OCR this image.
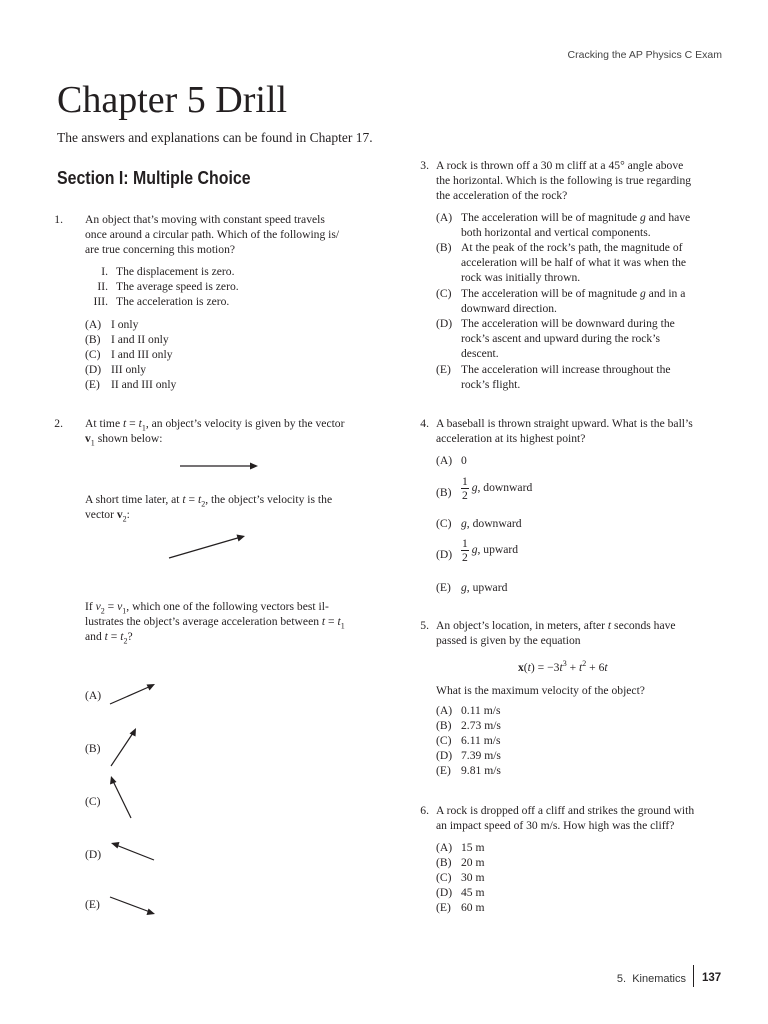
Cracking the AP Physics C Exam
Chapter 5 Drill
The answers and explanations can be found in Chapter 17.
Section I: Multiple Choice
1. An object that’s moving with constant speed travels
once around a circular path. Which of the following is/
are true concerning this motion?
I. The displacement is zero.
II. The average speed is zero.
III. The acceleration is zero.
(A) I only
(B) I and II only
(C) I and III only
(D) III only
(E) II and III only
2. At time $t = t_1$, an object’s velocity is given by the vector
$v_1$ shown below:
A short time later, at $t = t_2$, the object’s velocity is the
vector $v_2$:
If $v_2 = v_1$, which one of the following vectors best il-
lustrates the object’s average acceleration between $t = t_1$
and $t = t_2$?
(A)
(B)
(C)
(D)
(E)
3. A rock is thrown off a 30 m cliff at a 45° angle above
the horizontal. Which is the following is true regarding
the acceleration of the rock?
(A) The acceleration will be of magnitude g and have
both horizontal and vertical components.
(B) At the peak of the rock’s path, the magnitude of
acceleration will be half of what it was when the
rock was initially thrown.
(C) The acceleration will be of magnitude g and in a
downward direction.
(D) The acceleration will be downward during the
rock’s ascent and upward during the rock’s
descent.
(E) The acceleration will increase throughout the
rock’s flight.
4. A baseball is thrown straight upward. What is the ball’s
acceleration at its highest point?
(A) 0
$(B) \frac{1}{2} g$, downward
(C) g, downward
$(D) \frac{1}{2} g$, upward
(E) g, upward
5. An object’s location, in meters, after t seconds have
passed is given by the equation
$x(t) = -3t^3 + t^2 + 6t$
What is the maximum velocity of the object?
(A) 0.11 m/s
(B) 2.73 m/s
(C) 6.11 m/s
(D) 7.39 m/s
(E) 9.81 m/s
6. A rock is dropped off a cliff and strikes the ground with
an impact speed of 30 m/s. How high was the cliff?
(A) 15 m
(B) 20 m
(C) 30 m
(D) 45 m
(E) 60 m
5.  Kinematics 137
